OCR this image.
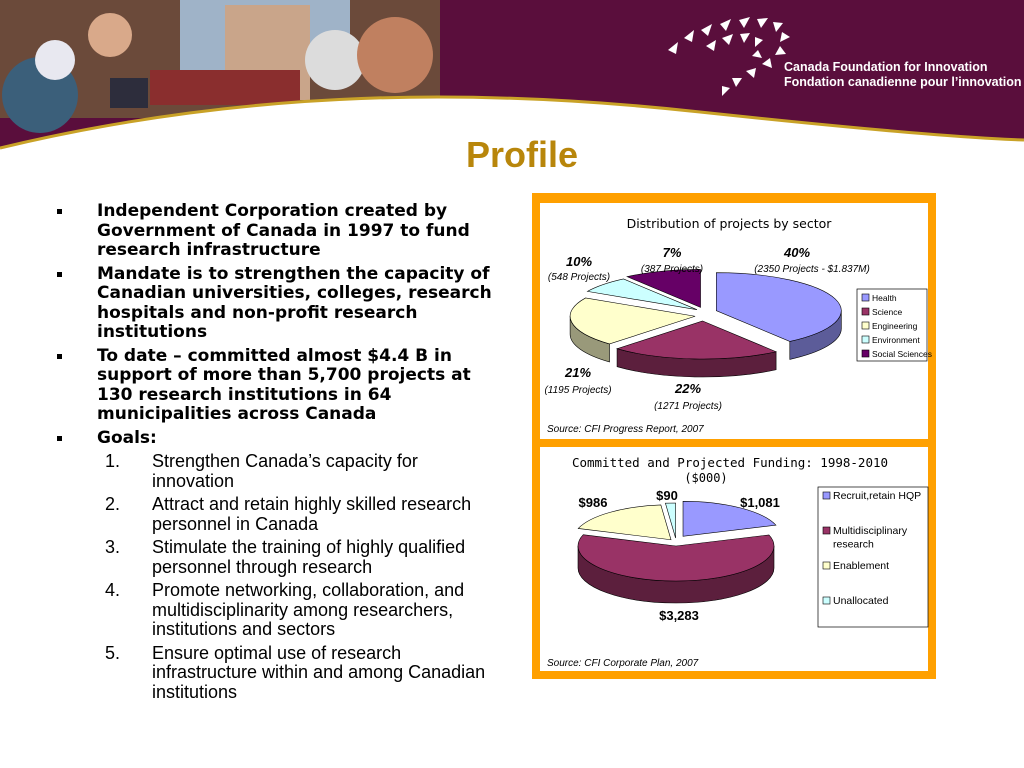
Canada Foundation for Innovation
Fondation canadienne pour l’innovation
Profile
Independent Corporation created by Government of Canada in 1997 to fund research infrastructure
Mandate is to strengthen the capacity of Canadian universities, colleges, research hospitals and non-profit research institutions
To date – committed almost $4.4 B in support of more than 5,700 projects at 130 research institutions in 64 municipalities across Canada
Goals:
1. Strengthen Canada’s capacity for innovation
2. Attract and retain highly skilled research personnel in Canada
3. Stimulate the training of highly qualified personnel through research
4. Promote networking, collaboration, and multidisciplinarity among researchers, institutions and sectors
5. Ensure optimal use of research infrastructure within and among Canadian institutions
Distribution of projects by sector
Health
Science
Engineering
Environment
Social Sciences
40%
(2350 Projects - $1.837M)
22%
(1271 Projects)
21%
(1195 Projects)
7%
(387 Projects)
10%
(548 Projects)
Source: CFI Progress Report, 2007
Committed and Projected Funding: 1998-2010
($000)
Recruit,retain HQP
Multidisciplinary research
Enablement
Unallocated
$1,081
$3,283
$986	$90
Source: CFI Corporate Plan, 2007
